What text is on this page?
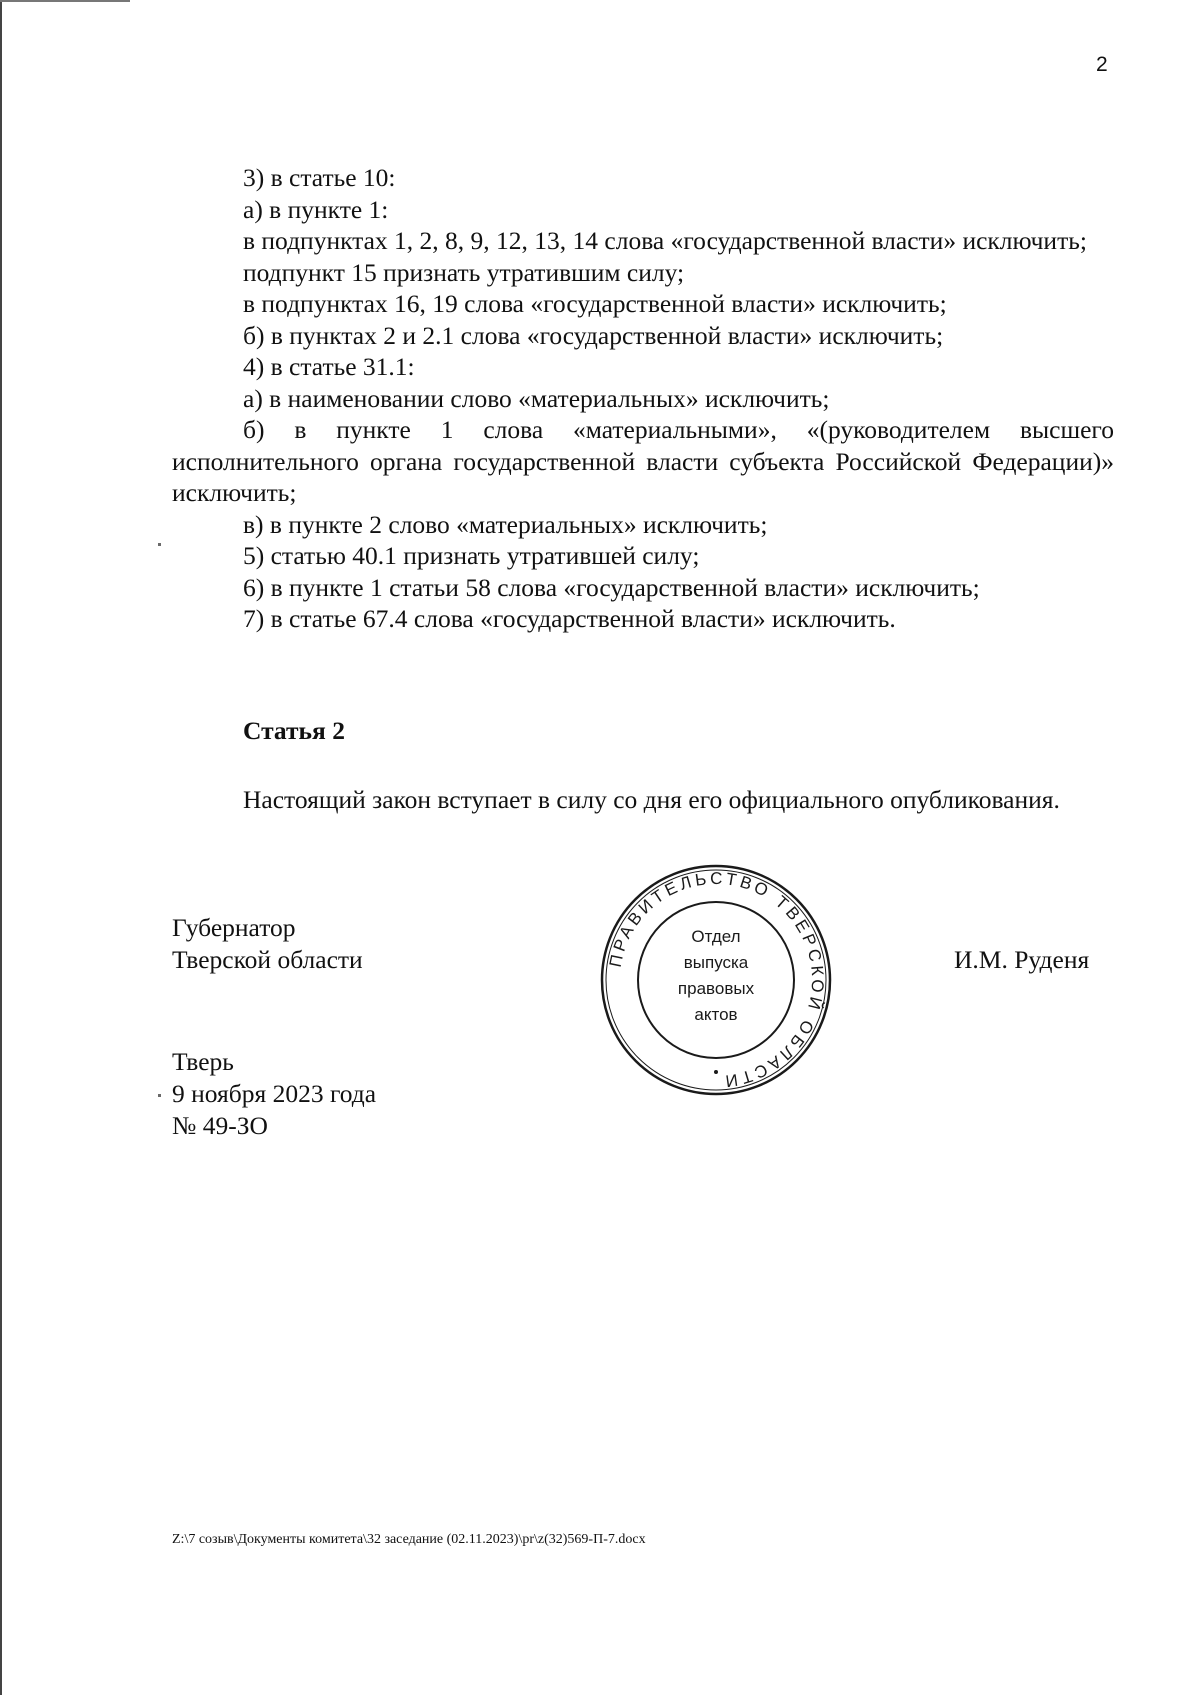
2

3) в статье 10:

а) в пункте 1:

в подпунктах 1, 2, 8, 9, 12, 13, 14 слова «государственной власти» исключить;

подпункт 15 признать утратившим силу;

в подпунктах 16, 19 слова «государственной власти» исключить;

б) в пунктах 2 и 2.1 слова «государственной власти» исключить;

4) в статье 31.1:

а) в наименовании слово «материальных» исключить;

б) в пункте 1 слова «материальными», «(руководителем высшего исполнительного органа государственной власти субъекта Российской Федерации)» исключить;

в) в пункте 2 слово «материальных» исключить;

5) статью 40.1 признать утратившей силу;

6) в пункте 1 статьи 58 слова «государственной власти» исключить;

7) в статье 67.4 слова «государственной власти» исключить.

Статья 2

Настоящий закон вступает в силу со дня его официального опубликования.

Губернатор
Тверской области	И.М. Руденя
ПРАВИТЕЛЬСТВО ТВЕРСКОЙ ОБЛАСТИ
Отдел
выпуска
правовых
актов
Тверь
9 ноября 2023 года
№ 49-ЗО
Z:\7 созыв\Документы комитета\32 заседание (02.11.2023)\pr\z(32)569-П-7.docx
